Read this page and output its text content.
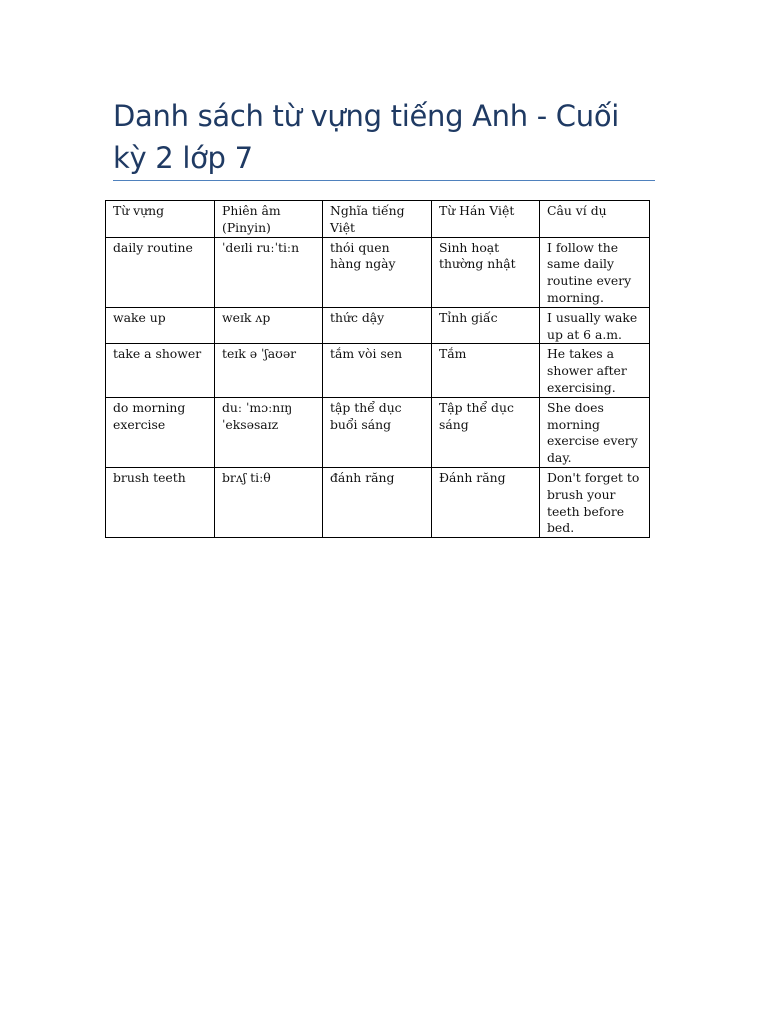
Danh sách từ vựng tiếng Anh - Cuối kỳ 2 lớp 7
Từ vựng	Phiên âm (Pinyin)	Nghĩa tiếng Việt	Từ Hán Việt	Câu ví dụ
daily routine	ˈdeɪli ruːˈtiːn	thói quen hàng ngày	Sinh hoạt thường nhật	I follow the same daily routine every morning.
wake up	weɪk ʌp	thức dậy	Tỉnh giấc	I usually wake up at 6 a.m.
take a shower	teɪk ə ˈʃaʊər	tắm vòi sen	Tắm	He takes a shower after exercising.
do morning exercise	duː ˈmɔːnɪŋ ˈeksəsaɪz	tập thể dục buổi sáng	Tập thể dục sáng	She does morning exercise every day.
brush teeth	brʌʃ tiːθ	đánh răng	Đánh răng	Don't forget to brush your teeth before bed.
